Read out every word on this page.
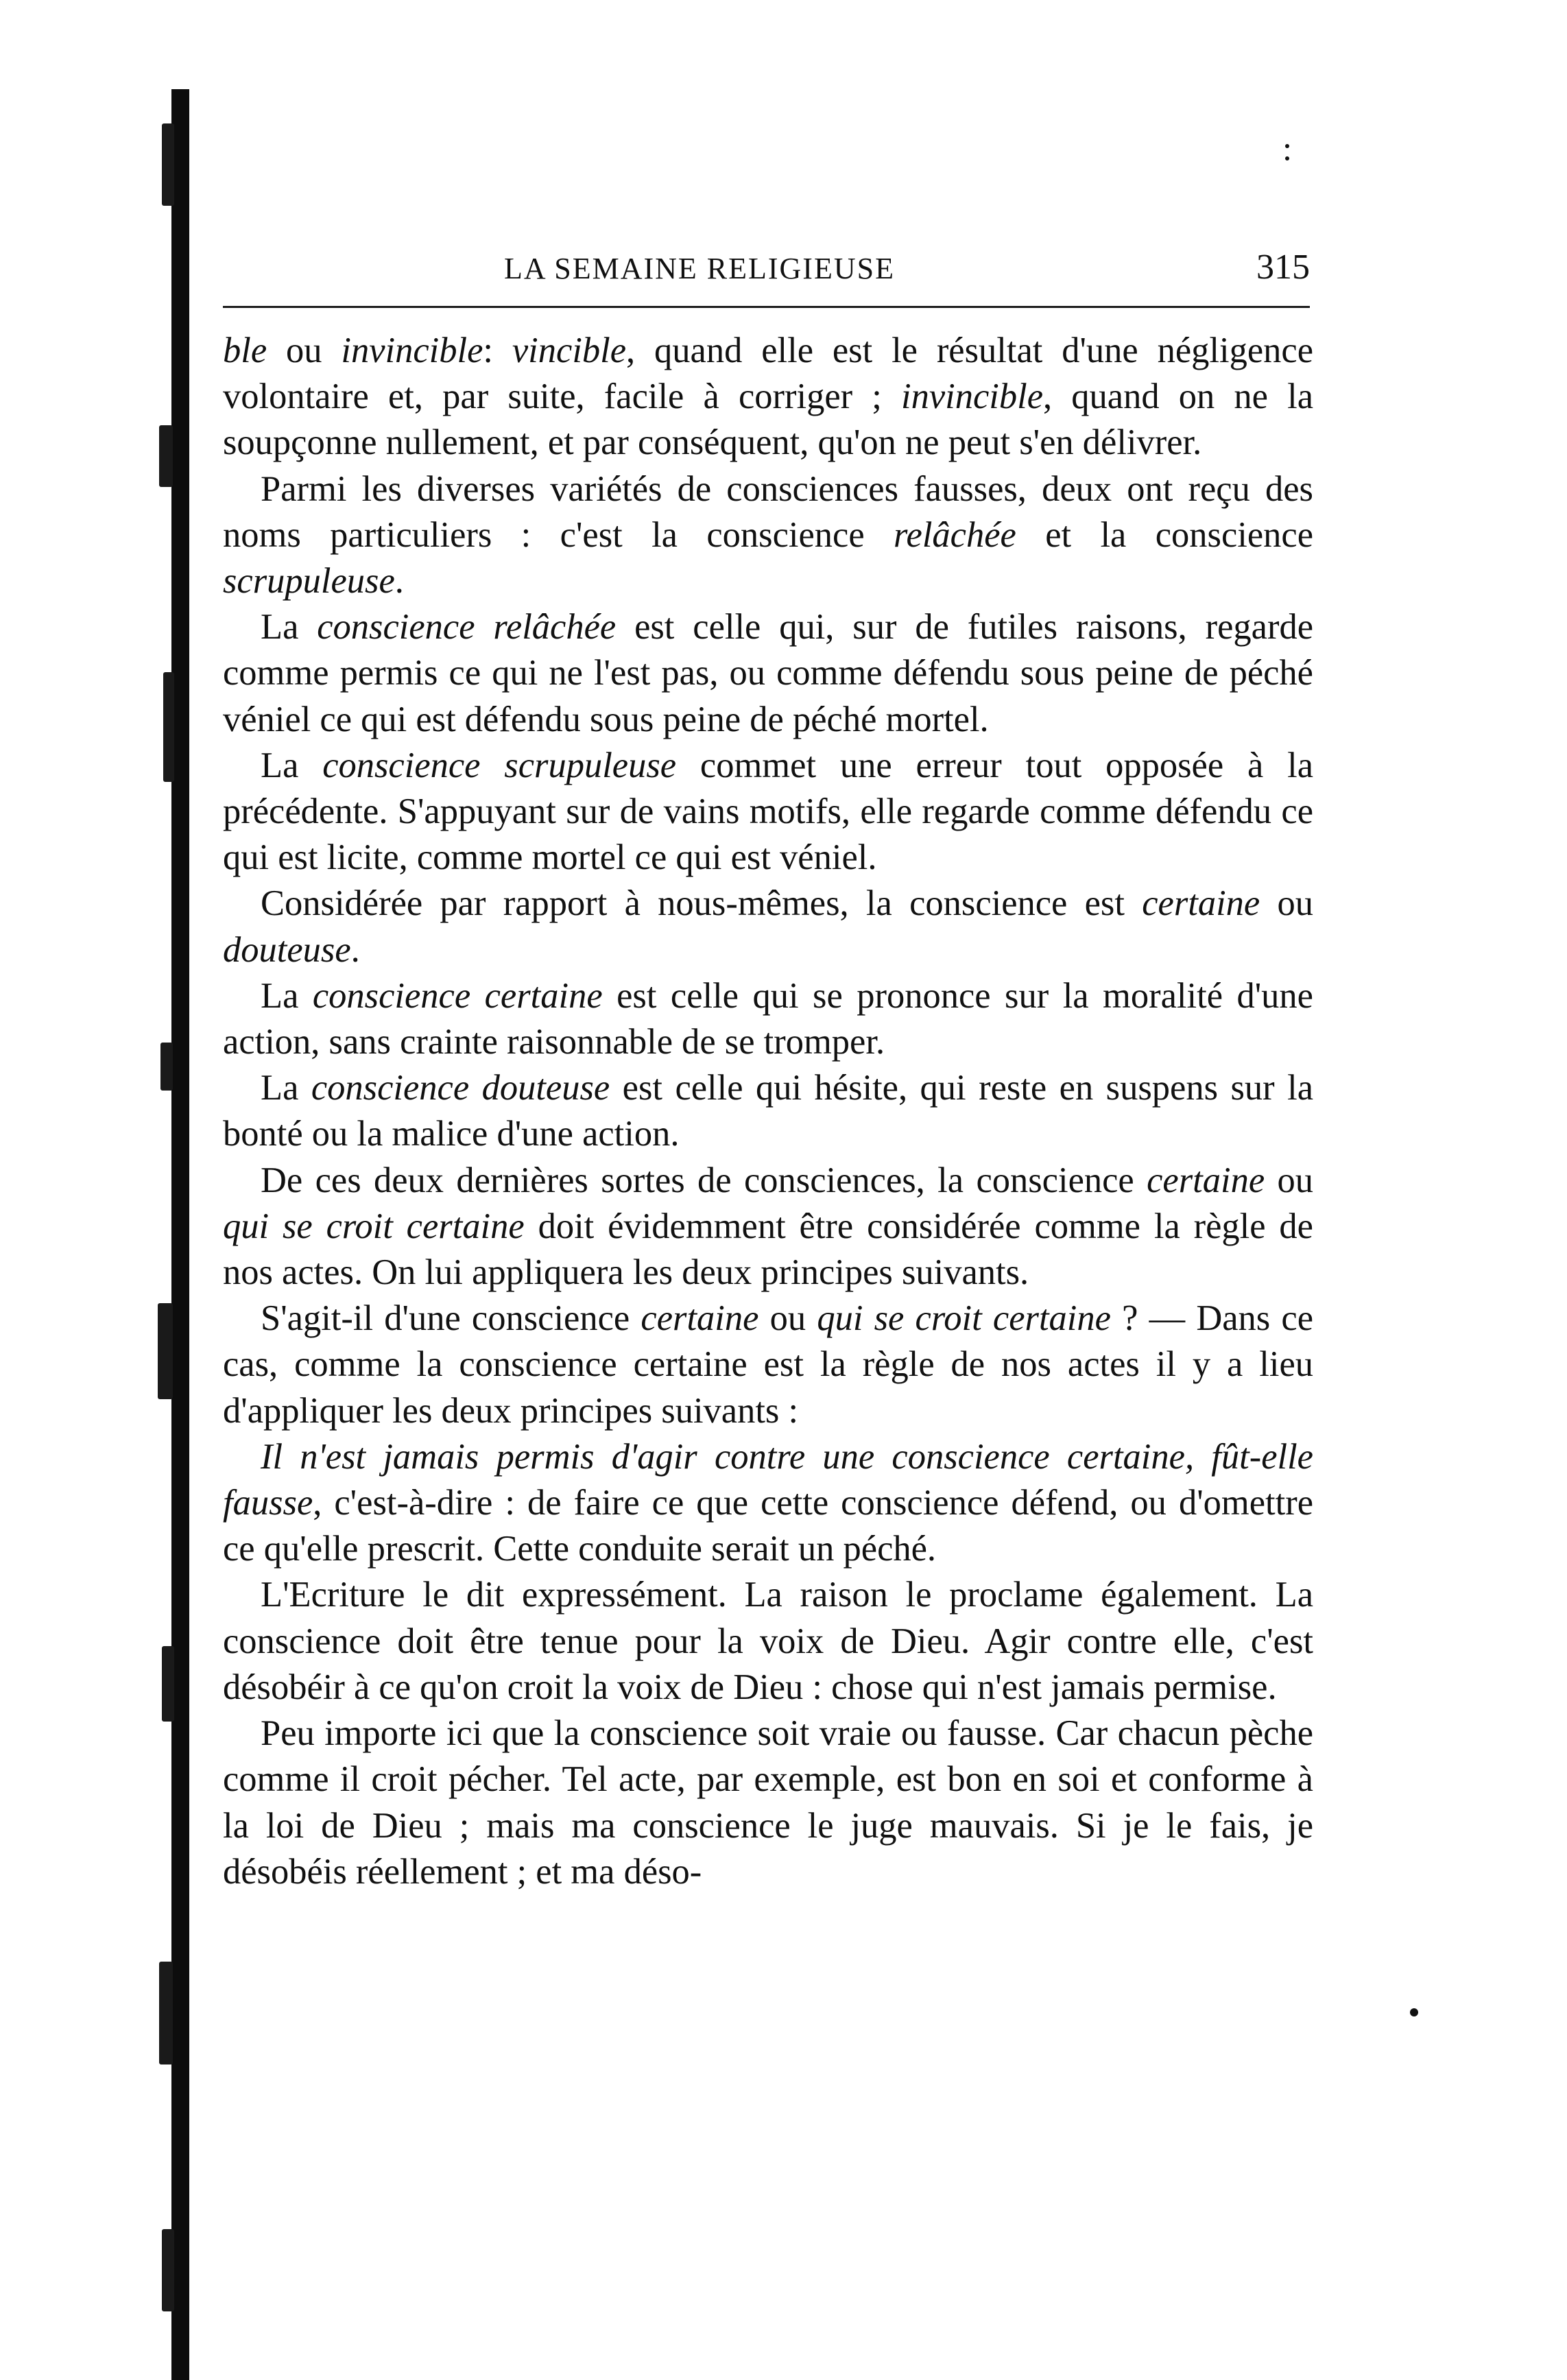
LA SEMAINE RELIGIEUSE	315

ble ou invincible: vincible, quand elle est le résultat d'une négligence volontaire et, par suite, facile à corriger ; invincible, quand on ne la soupçonne nullement, et par conséquent, qu'on ne peut s'en délivrer.

Parmi les diverses variétés de consciences fausses, deux ont reçu des noms particuliers : c'est la conscience relâchée et la conscience scrupuleuse.

La conscience relâchée est celle qui, sur de futiles raisons, regarde comme permis ce qui ne l'est pas, ou comme défendu sous peine de péché véniel ce qui est défendu sous peine de péché mortel.

La conscience scrupuleuse commet une erreur tout opposée à la précédente. S'appuyant sur de vains motifs, elle regarde comme défendu ce qui est licite, comme mortel ce qui est véniel.

Considérée par rapport à nous-mêmes, la conscience est certaine ou douteuse.

La conscience certaine est celle qui se prononce sur la moralité d'une action, sans crainte raisonnable de se tromper.

La conscience douteuse est celle qui hésite, qui reste en suspens sur la bonté ou la malice d'une action.

De ces deux dernières sortes de consciences, la conscience certaine ou qui se croit certaine doit évidemment être considérée comme la règle de nos actes. On lui appliquera les deux principes suivants.

S'agit-il d'une conscience certaine ou qui se croit certaine ? — Dans ce cas, comme la conscience certaine est la règle de nos actes il y a lieu d'appliquer les deux principes suivants :

Il n'est jamais permis d'agir contre une conscience certaine, fût-elle fausse, c'est-à-dire : de faire ce que cette conscience défend, ou d'omettre ce qu'elle prescrit. Cette conduite serait un péché.

L'Ecriture le dit expressément. La raison le proclame également. La conscience doit être tenue pour la voix de Dieu. Agir contre elle, c'est désobéir à ce qu'on croit la voix de Dieu : chose qui n'est jamais permise.

Peu importe ici que la conscience soit vraie ou fausse. Car chacun pèche comme il croit pécher. Tel acte, par exemple, est bon en soi et conforme à la loi de Dieu ; mais ma conscience le juge mauvais. Si je le fais, je désobéis réellement ; et ma déso-
